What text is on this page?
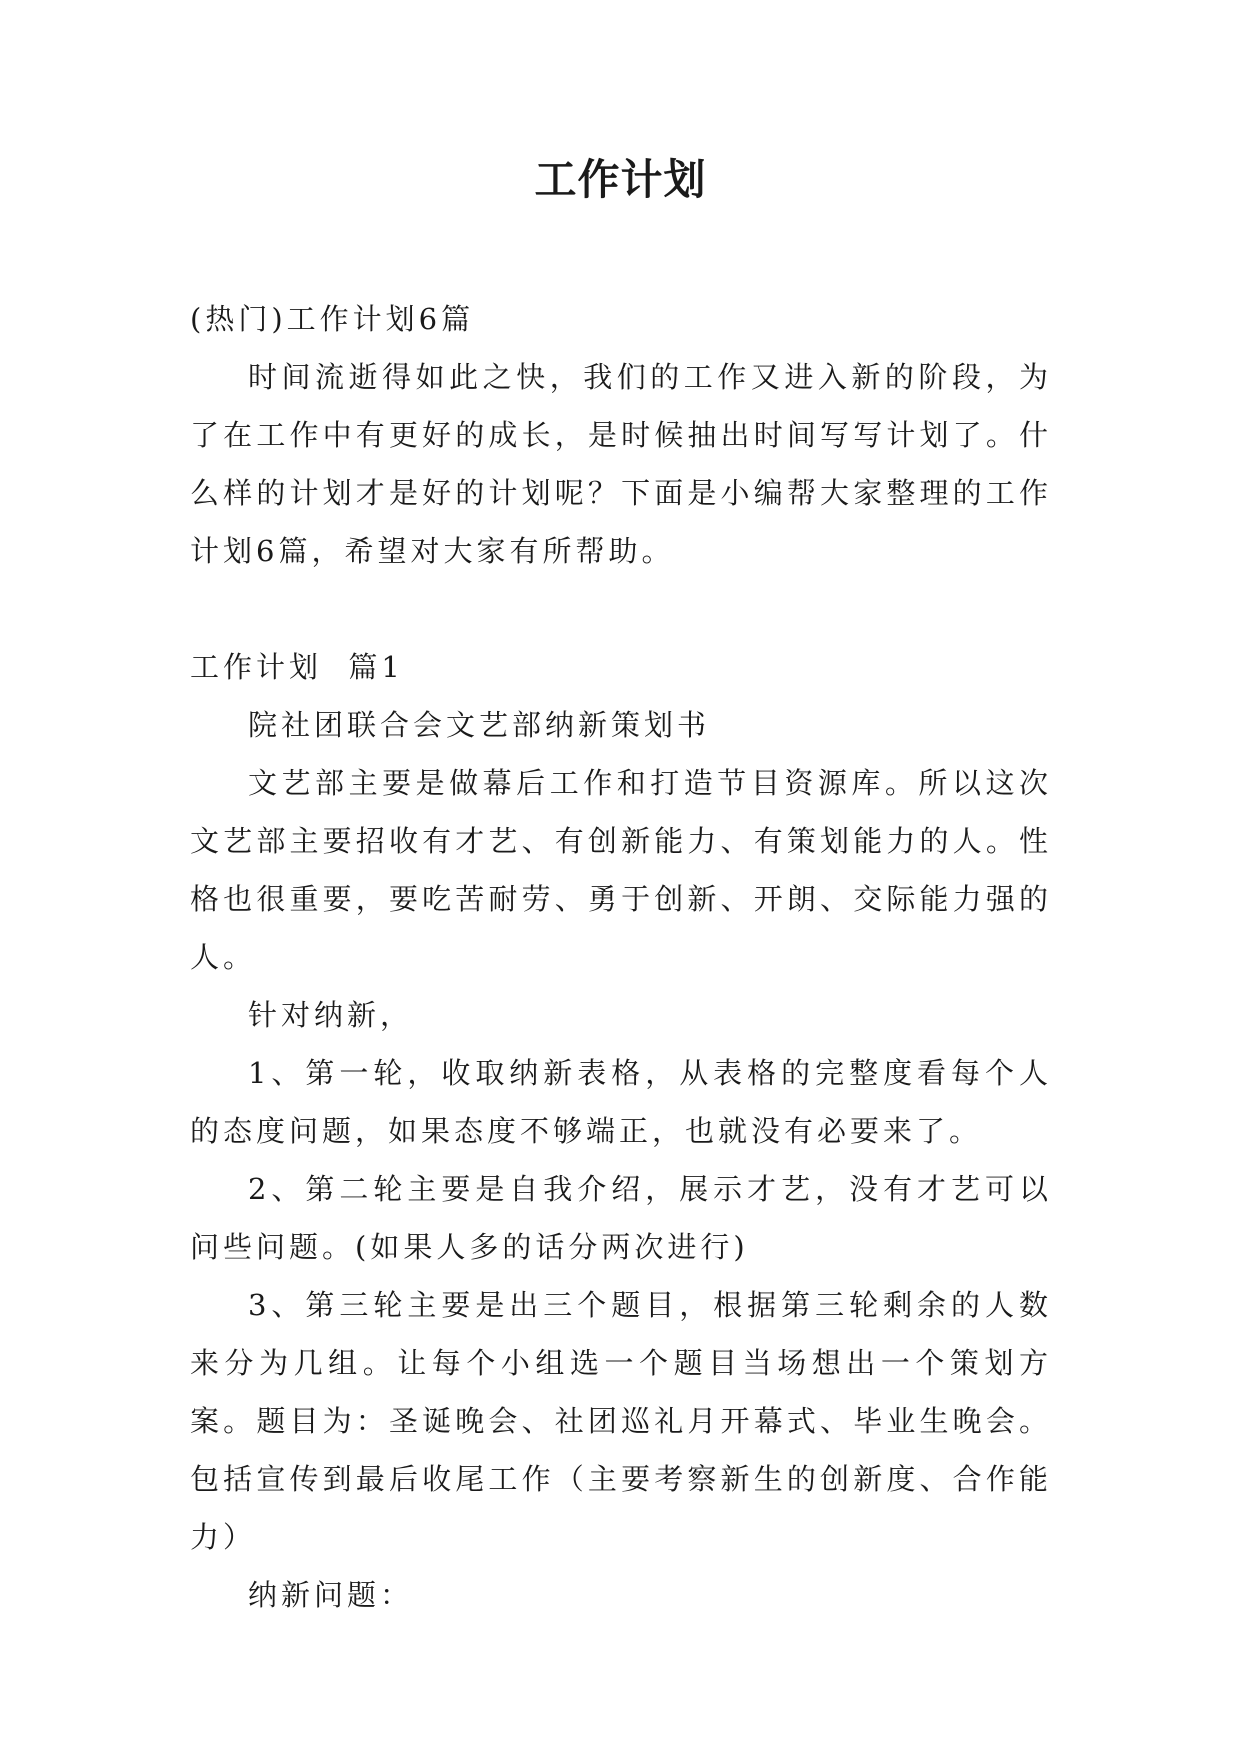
工作计划

(热门)工作计划6篇

时间流逝得如此之快，我们的工作又进入新的阶段，为了在工作中有更好的成长，是时候抽出时间写写计划了。什么样的计划才是好的计划呢？下面是小编帮大家整理的工作计划6篇，希望对大家有所帮助。

工作计划  篇1

院社团联合会文艺部纳新策划书

文艺部主要是做幕后工作和打造节目资源库。所以这次文艺部主要招收有才艺、有创新能力、有策划能力的人。性格也很重要，要吃苦耐劳、勇于创新、开朗、交际能力强的人。

针对纳新，

1、第一轮，收取纳新表格，从表格的完整度看每个人的态度问题，如果态度不够端正，也就没有必要来了。

2、第二轮主要是自我介绍，展示才艺，没有才艺可以问些问题。(如果人多的话分两次进行)

3、第三轮主要是出三个题目，根据第三轮剩余的人数来分为几组。让每个小组选一个题目当场想出一个策划方案。题目为：圣诞晚会、社团巡礼月开幕式、毕业生晚会。包括宣传到最后收尾工作（主要考察新生的创新度、合作能力）

纳新问题：
